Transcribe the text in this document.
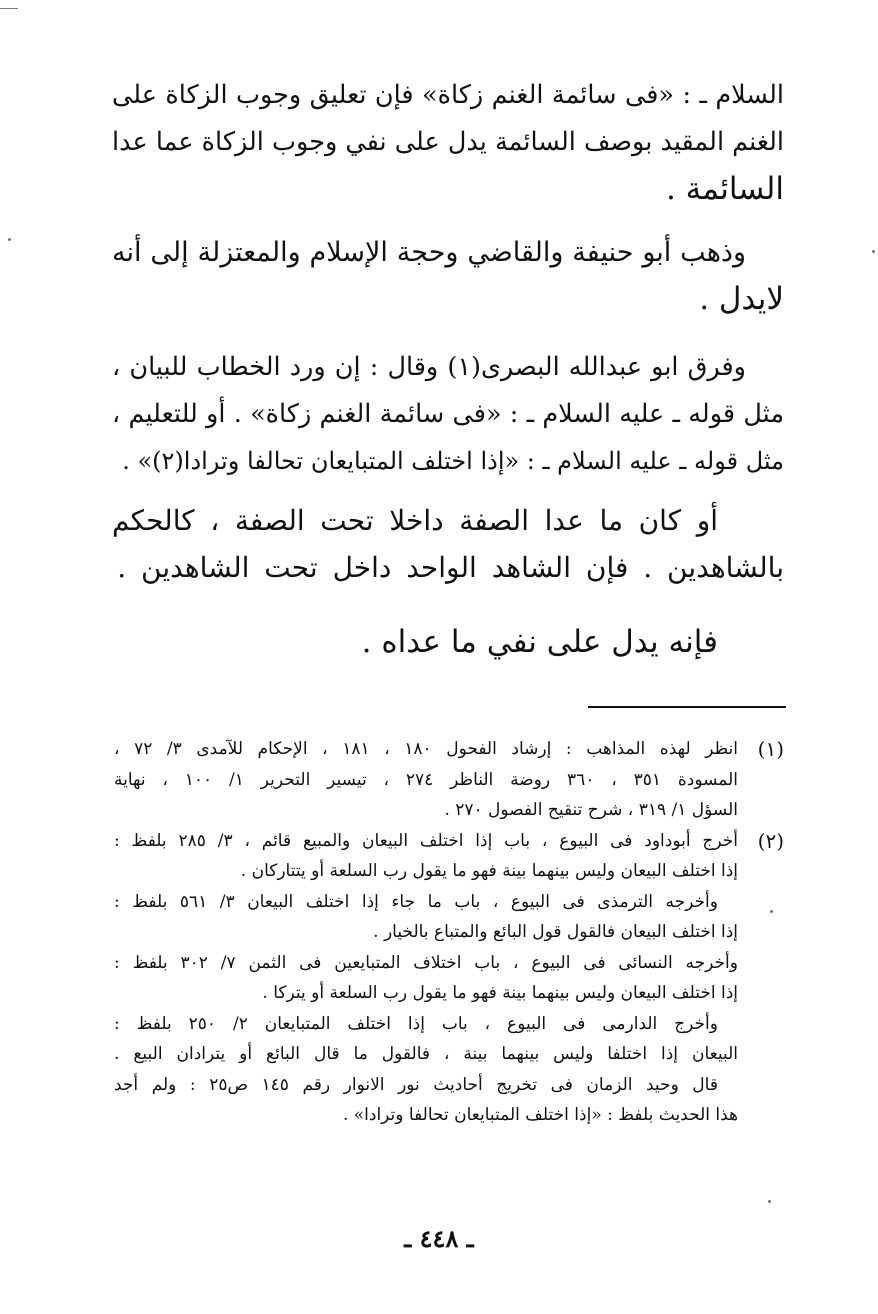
السلام ـ : «فى سائمة الغنم زكاة» فإن تعليق وجوب الزكاة على
الغنم المقيد بوصف السائمة يدل على نفي وجوب الزكاة عما عدا
السائمة .
وذهب أبو حنيفة والقاضي وحجة الإسلام والمعتزلة إلى أنه
لايدل .
وفرق ابو عبدالله البصرى(١) وقال : إن ورد الخطاب للبيان ،
مثل قوله ـ عليه السلام ـ : «فى سائمة الغنم زكاة» . أو للتعليم ،
مثل قوله ـ عليه السلام ـ : «إذا اختلف المتبايعان تحالفا وترادا(٢)» .
أو كان ما عدا الصفة داخلا تحت الصفة ، كالحكم
بالشاهدين . فإن الشاهد الواحد داخل تحت الشاهدين .
فإنه يدل على نفي ما عداه .
(١)
انظر لهذه المذاهب : إرشاد الفحول ١٨٠ ، ١٨١ ، الإحكام للآمدى ٣/ ٧٢ ،
المسودة ٣٥١ ، ٣٦٠ روضة الناظر ٢٧٤ ، تيسير التحرير ١/ ١٠٠ ، نهاية
السؤل ١/ ٣١٩ ، شرح تنقيح الفصول ٢٧٠ .
(٢)
أخرج أبوداود فى البيوع ، باب إذا اختلف البيعان والمبيع قائم ، ٣/ ٢٨٥ بلفظ :
إذا اختلف البيعان وليس بينهما بينة فهو ما يقول رب السلعة أو يتتاركان .
وأخرجه الترمذى فى البيوع ، باب ما جاء إذا اختلف البيعان ٣/ ٥٦١ بلفظ :
إذا اختلف البيعان فالقول قول البائع والمتباع بالخيار .
وأخرجه النسائى فى البيوع ، باب اختلاف المتبايعين فى الثمن ٧/ ٣٠٢ بلفظ :
إذا اختلف البيعان وليس بينهما بينة فهو ما يقول رب السلعة أو يتركا .
وأخرج الدارمى فى البيوع ، باب إذا اختلف المتبايعان ٢/ ٢٥٠ بلفظ :
البيعان إذا اختلفا وليس بينهما بينة ، فالقول ما قال البائع أو يترادان البيع .
قال وحيد الزمان فى تخريج أحاديث نور الانوار رقم ١٤٥ ص٢٥ : ولم أجد
هذا الحديث بلفظ : «إذا اختلف المتبايعان تحالفا وترادا» .
ـ ٤٤٨ ـ
